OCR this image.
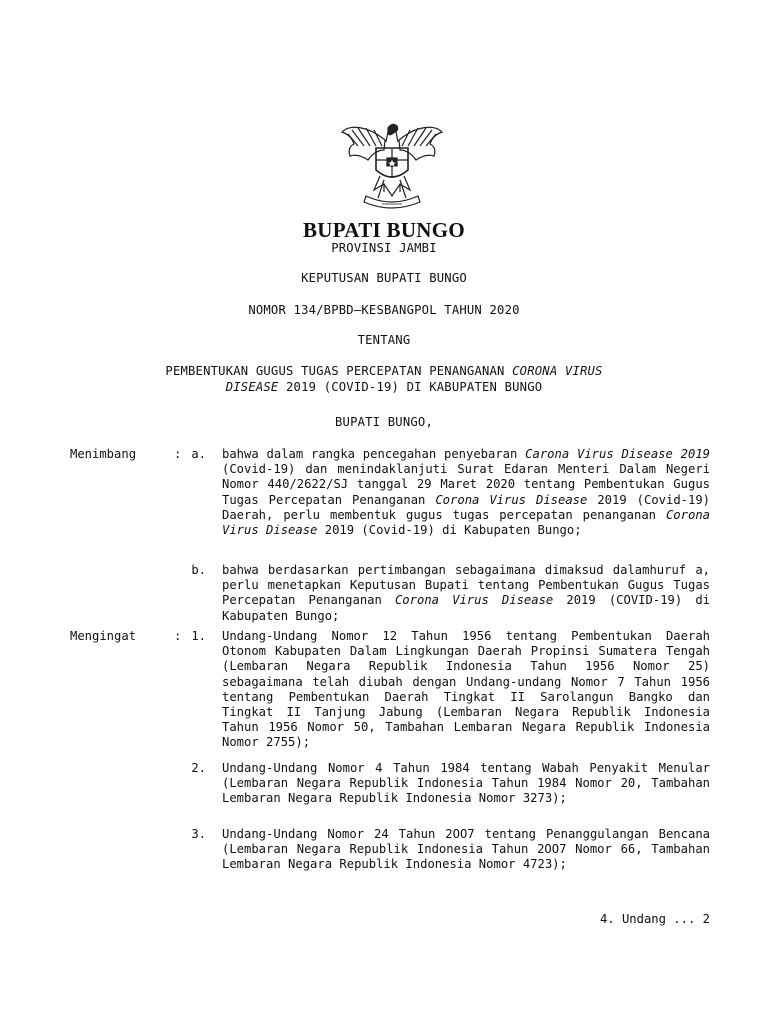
BUPATI BUNGO
PROVINSI JAMBI
KEPUTUSAN BUPATI BUNGO
NOMOR 134/BPBD–KESBANGPOL TAHUN 2020
TENTANG
PEMBENTUKAN GUGUS TUGAS PERCEPATAN PENANGANAN CORONA VIRUS
DISEASE 2019 (COVID-19) DI KABUPATEN BUNGO
BUPATI BUNGO,
Menimbang	: a. bahwa dalam rangka pencegahan penyebaran Carona Virus Disease 2019 (Covid-19) dan menindaklanjuti Surat Edaran Menteri Dalam Negeri Nomor 440/2622/SJ tanggal 29 Maret 2020 tentang Pembentukan Gugus Tugas Percepatan Penanganan Corona Virus Disease 2019 (Covid-19) Daerah, perlu membentuk gugus tugas percepatan penanganan Corona Virus Disease 2019 (Covid-19) di Kabupaten Bungo;
b. bahwa berdasarkan pertimbangan sebagaimana dimaksud dalamhuruf a, perlu menetapkan Keputusan Bupati tentang Pembentukan Gugus Tugas Percepatan Penanganan Corona Virus Disease 2019 (COVID-19) di Kabupaten Bungo;
Mengingat	: 1. Undang-Undang Nomor 12 Tahun 1956 tentang Pembentukan Daerah Otonom Kabupaten Dalam Lingkungan Daerah Propinsi Sumatera Tengah (Lembaran Negara Republik Indonesia Tahun 1956 Nomor 25) sebagaimana telah diubah dengan Undang-undang Nomor 7 Tahun 1956 tentang Pembentukan Daerah Tingkat II Sarolangun Bangko dan Tingkat II Tanjung Jabung (Lembaran Negara Republik Indonesia Tahun 1956 Nomor 50, Tambahan Lembaran Negara Republik Indonesia Nomor 2755);
2. Undang-Undang Nomor 4 Tahun 1984 tentang Wabah Penyakit Menular (Lembaran Negara Republik Indonesia Tahun 1984 Nomor 20, Tambahan Lembaran Negara Republik Indonesia Nomor 3273);
3. Undang-Undang Nomor 24 Tahun 2OO7 tentang Penanggulangan Bencana (Lembaran Negara Republik Indonesia Tahun 2OO7 Nomor 66, Tambahan Lembaran Negara Republik Indonesia Nomor 4723);
4. Undang ... 2
